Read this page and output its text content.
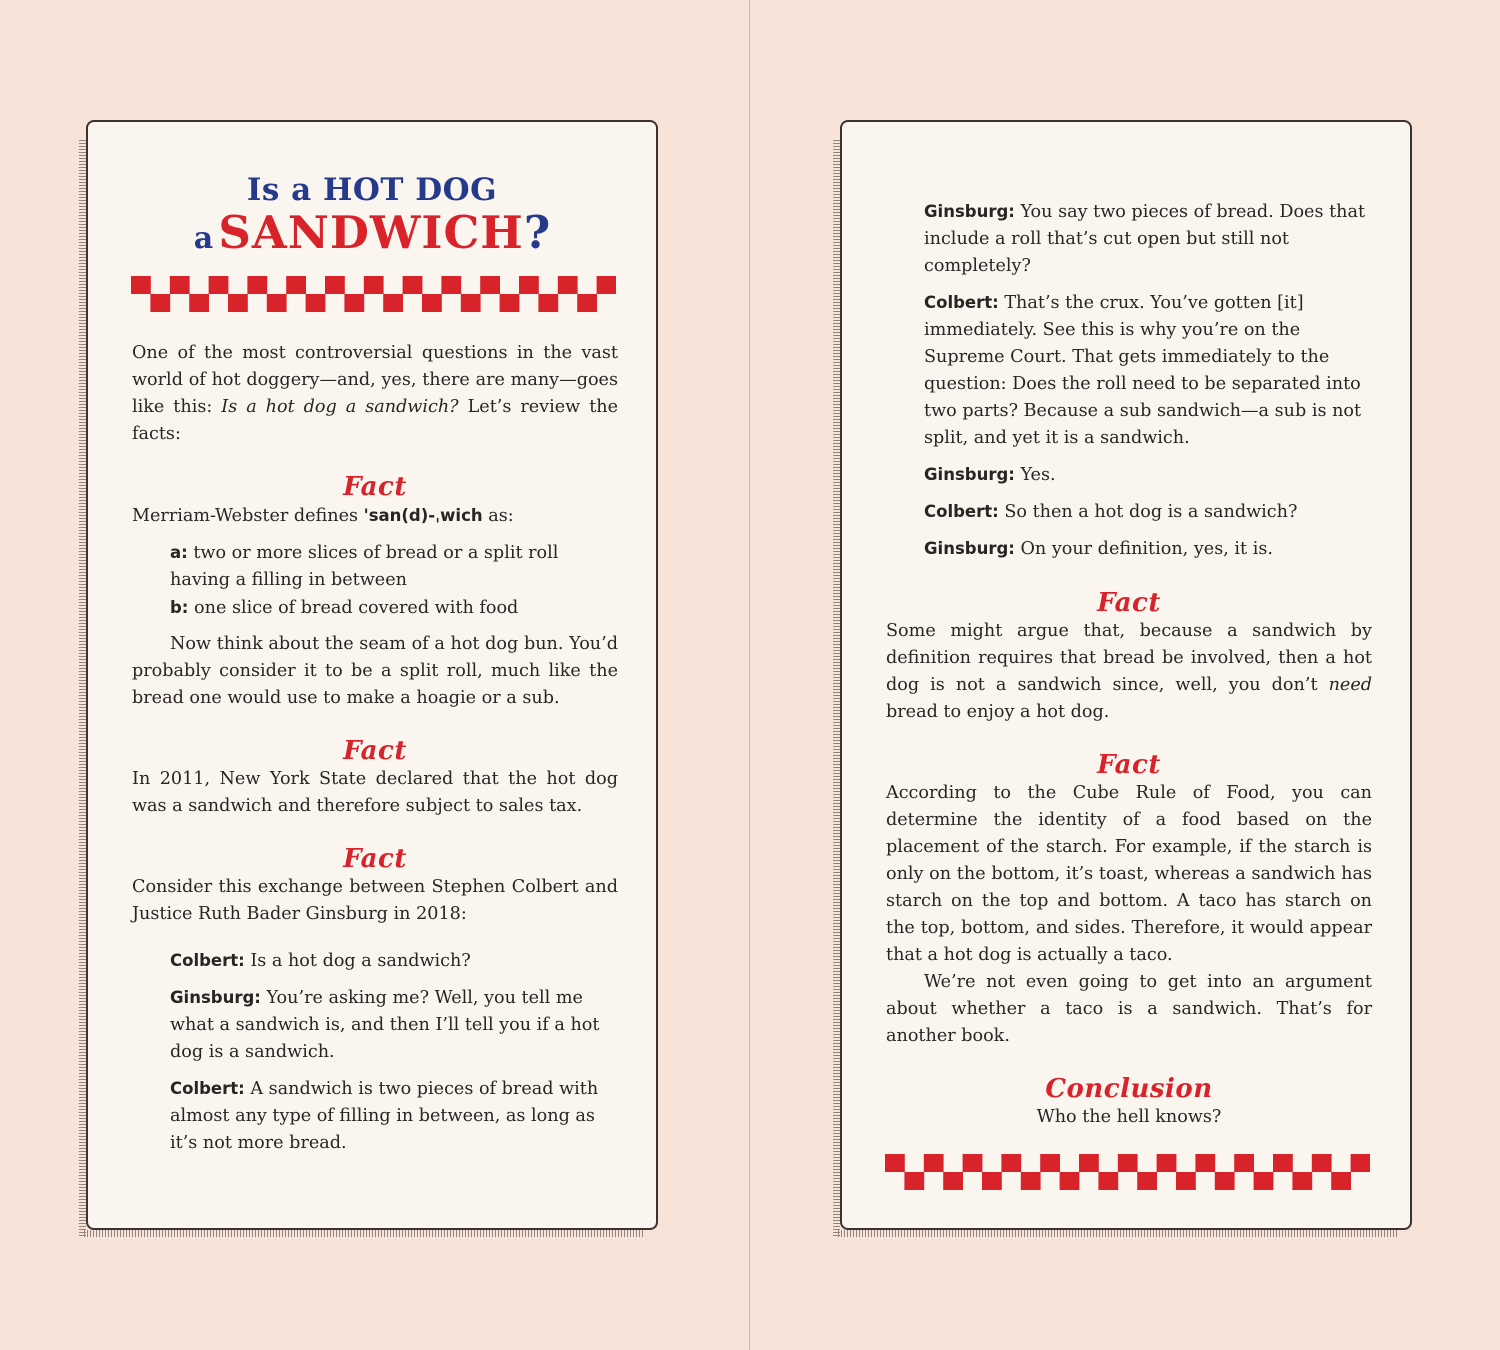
Is a HOT DOG
a SANDWICH?

One of the most controversial questions in the vast world of hot doggery—and, yes, there are many—goes like this: Is a hot dog a sandwich? Let’s review the facts:

Fact

Merriam-Webster defines 'san(d)-ˌwich as:

a: two or more slices of bread or a split roll having a filling in between

b: one slice of bread covered with food

Now think about the seam of a hot dog bun. You’d probably consider it to be a split roll, much like the bread one would use to make a hoagie or a sub.

Fact

In 2011, New York State declared that the hot dog was a sandwich and therefore subject to sales tax.

Fact

Consider this exchange between Stephen Colbert and Justice Ruth Bader Ginsburg in 2018:

Colbert: Is a hot dog a sandwich?

Ginsburg: You’re asking me? Well, you tell me what a sandwich is, and then I’ll tell you if a hot dog is a sandwich.

Colbert: A sandwich is two pieces of bread with almost any type of filling in between, as long as it’s not more bread.

Ginsburg: You say two pieces of bread. Does that include a roll that’s cut open but still not completely?

Colbert: That’s the crux. You’ve gotten [it] immediately. See this is why you’re on the Supreme Court. That gets immediately to the question: Does the roll need to be separated into two parts? Because a sub sandwich—a sub is not split, and yet it is a sandwich.

Ginsburg: Yes.

Colbert: So then a hot dog is a sandwich?

Ginsburg: On your definition, yes, it is.

Fact

Some might argue that, because a sandwich by definition requires that bread be involved, then a hot dog is not a sandwich since, well, you don’t need bread to enjoy a hot dog.

Fact

According to the Cube Rule of Food, you can determine the identity of a food based on the placement of the starch. For example, if the starch is only on the bottom, it’s toast, whereas a sandwich has starch on the top and bottom. A taco has starch on the top, bottom, and sides. Therefore, it would appear that a hot dog is actually a taco.

We’re not even going to get into an argument about whether a taco is a sandwich. That’s for another book.

Conclusion

Who the hell knows?
